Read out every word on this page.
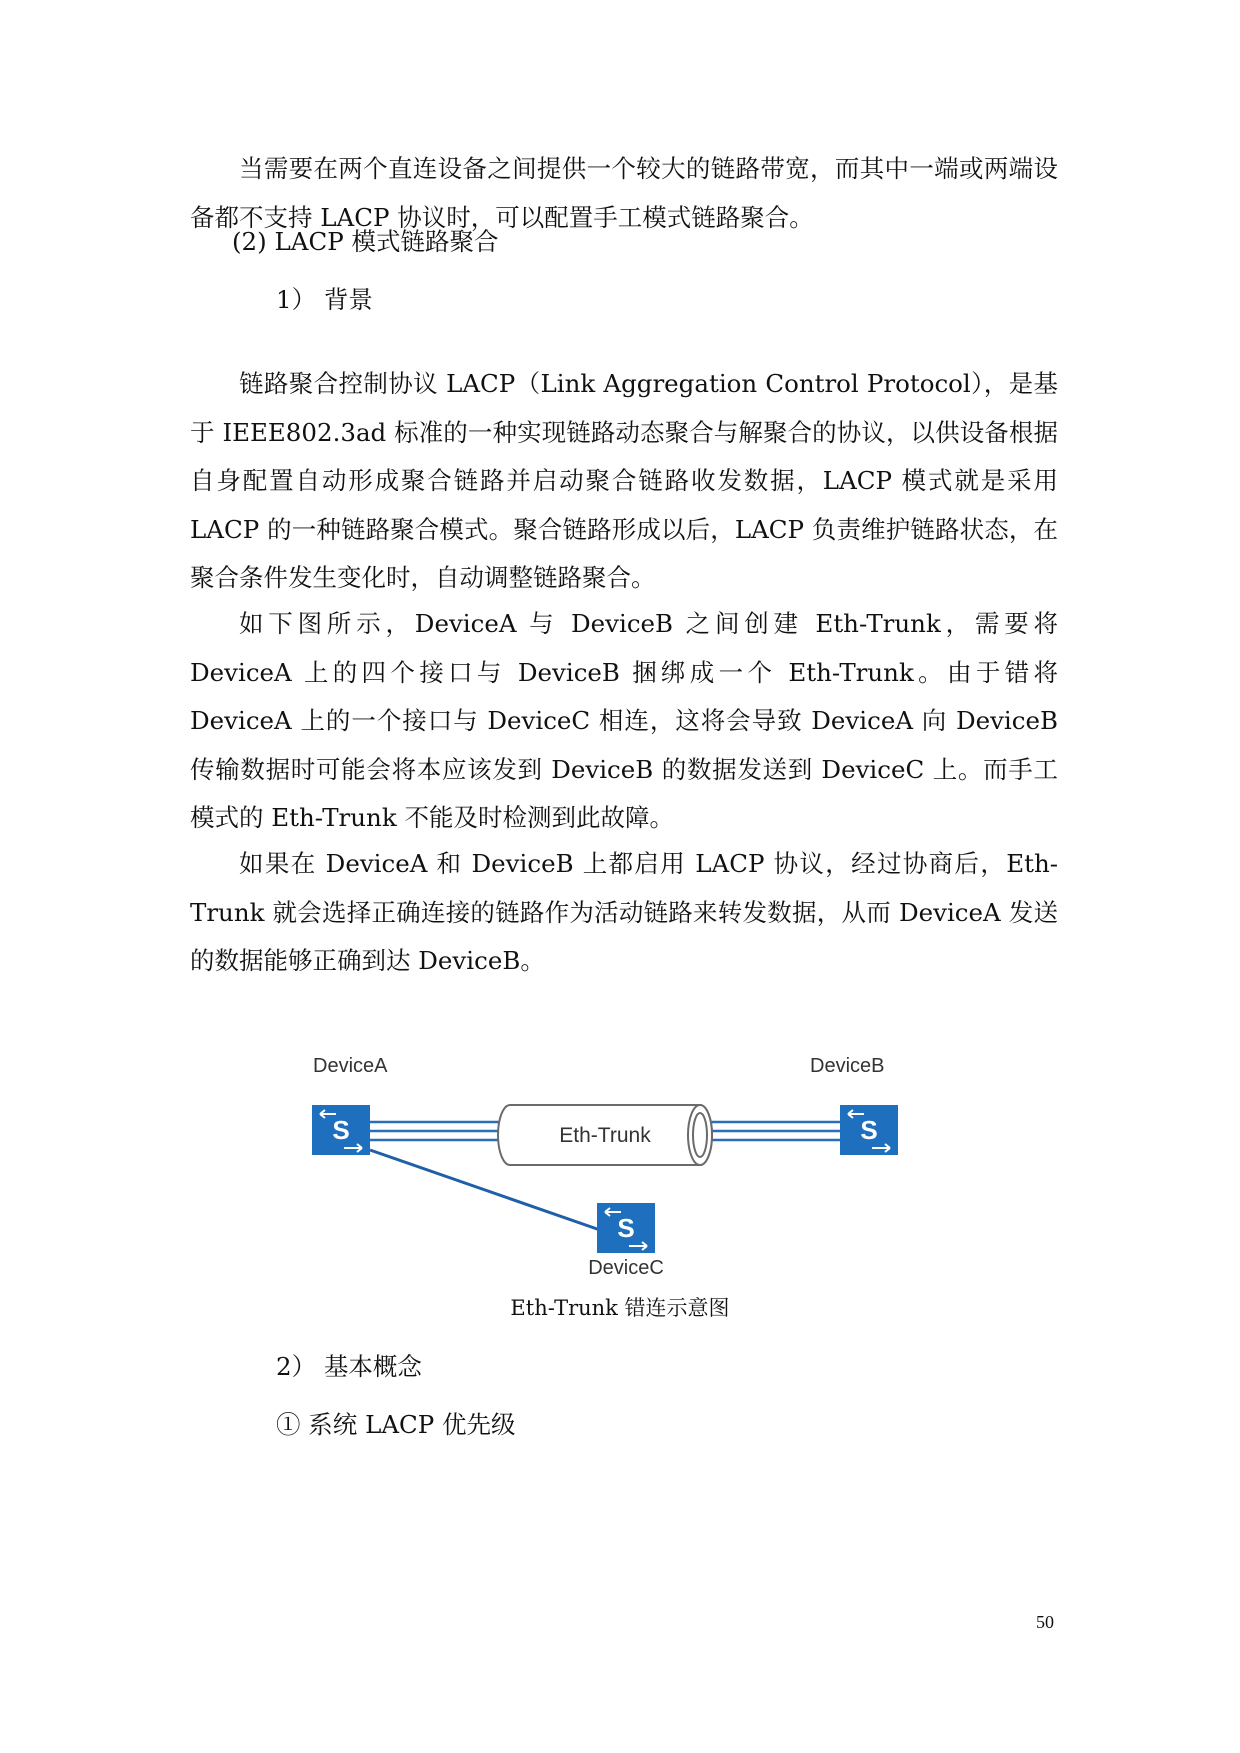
当需要在两个直连设备之间提供一个较大的链路带宽，而其中一端或两端设备都不支持 LACP 协议时，可以配置手工模式链路聚合。

(2) LACP 模式链路聚合

1） 背景

链路聚合控制协议 LACP（Link Aggregation Control Protocol），是基于 IEEE802.3ad 标准的一种实现链路动态聚合与解聚合的协议，以供设备根据自身配置自动形成聚合链路并启动聚合链路收发数据，LACP 模式就是采用 LACP 的一种链路聚合模式。聚合链路形成以后，LACP 负责维护链路状态，在聚合条件发生变化时，自动调整链路聚合。

如下图所示，DeviceA 与 DeviceB 之间创建 Eth-Trunk，需要将 DeviceA 上的四个接口与 DeviceB 捆绑成一个 Eth-Trunk。由于错将 DeviceA 上的一个接口与 DeviceC 相连，这将会导致 DeviceA 向 DeviceB 传输数据时可能会将本应该发到 DeviceB 的数据发送到 DeviceC 上。而手工模式的 Eth-Trunk 不能及时检测到此故障。

如果在 DeviceA 和 DeviceB 上都启用 LACP 协议，经过协商后，Eth-Trunk 就会选择正确连接的链路作为活动链路来转发数据，从而 DeviceA 发送的数据能够正确到达 DeviceB。

Eth-Trunk
DeviceA
S
DeviceB
S
S
DeviceC
Eth-Trunk 错连示意图

2） 基本概念

① 系统 LACP 优先级

50
